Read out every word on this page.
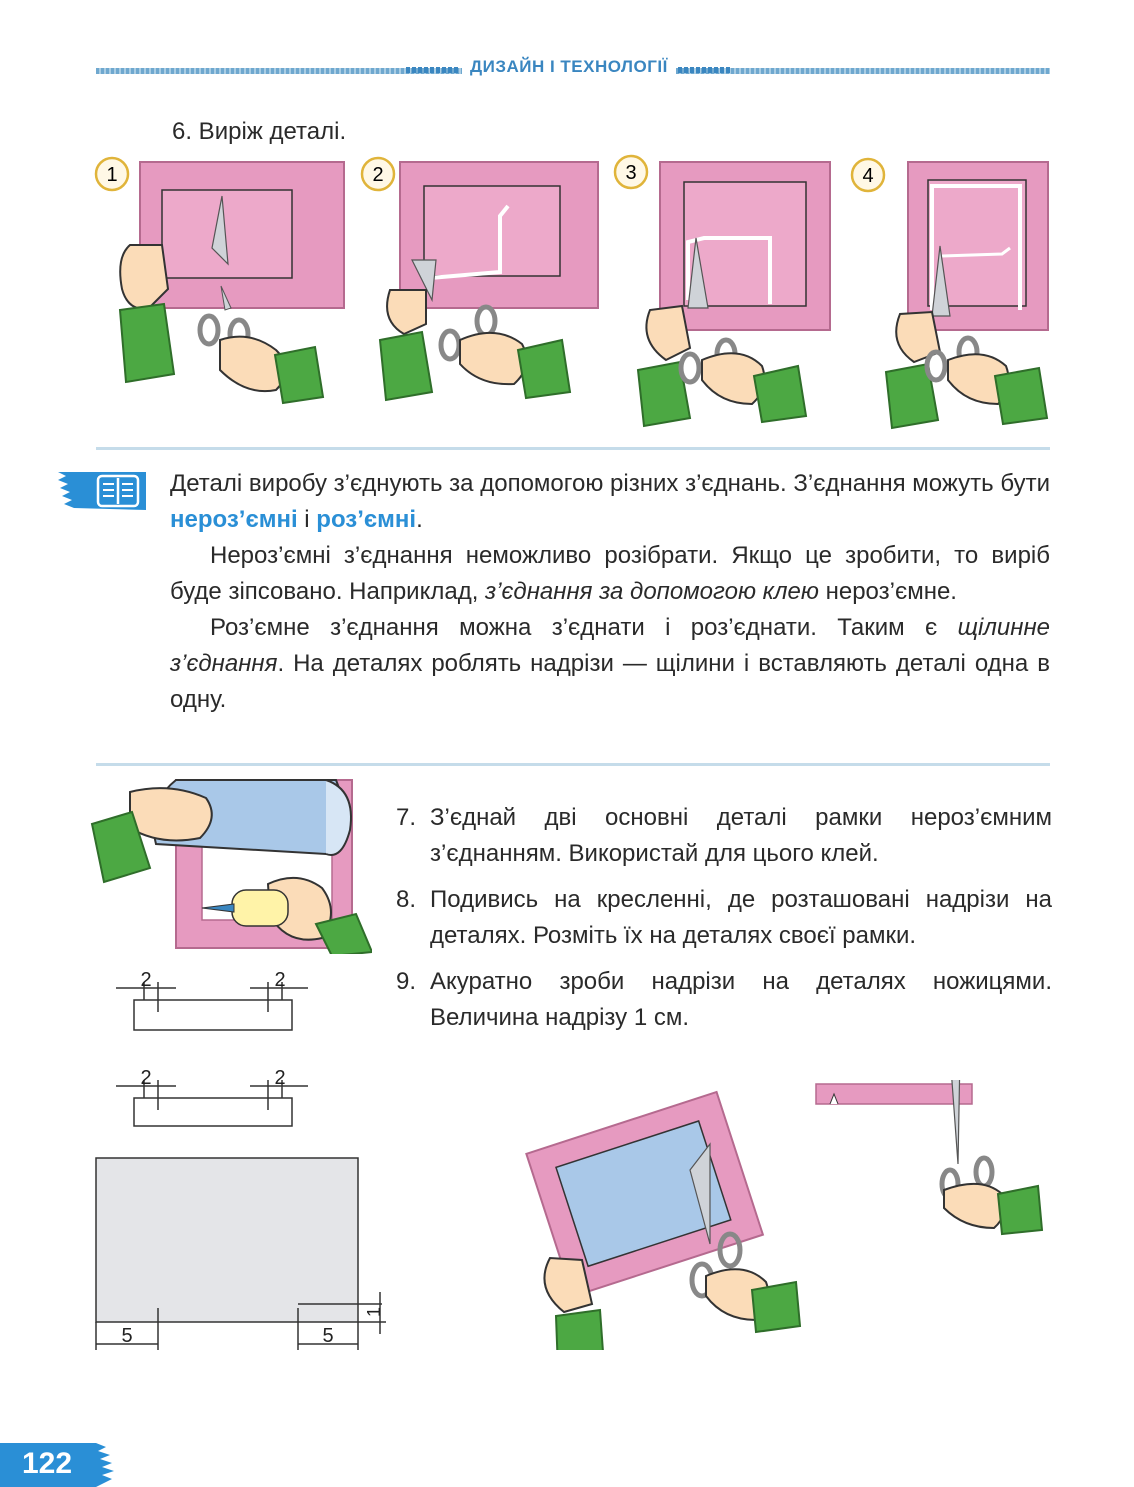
ДИЗАЙН І ТЕХНОЛОГІЇ
6. Виріж деталі.
1	2	3	4

Деталі виробу з’єднують за допомогою різних з’єднань. З’єднання можуть бути нероз’ємні і роз’ємні.

Нероз’ємні з’єднання неможливо розібрати. Якщо це зробити, то виріб буде зіпсовано. Наприклад, з’єднання за допомогою клею нероз’ємне.

Роз’ємне з’єднання можна з’єднати і роз’єднати. Таким є щілинне з’єднання. На деталях роблять надрізи — щілини і вставляють деталі одна в одну.

2	2
2	2
5	5
1
7. З’єднай дві основні деталі рамки нероз’ємним з’єднанням. Використай для цього клей.
8. Подивись на кресленні, де розташовані надрізи на деталях. Розміть їх на деталях своєї рамки.
9. Акуратно зроби надрізи на деталях ножицями. Величина надрізу 1 см.
122
